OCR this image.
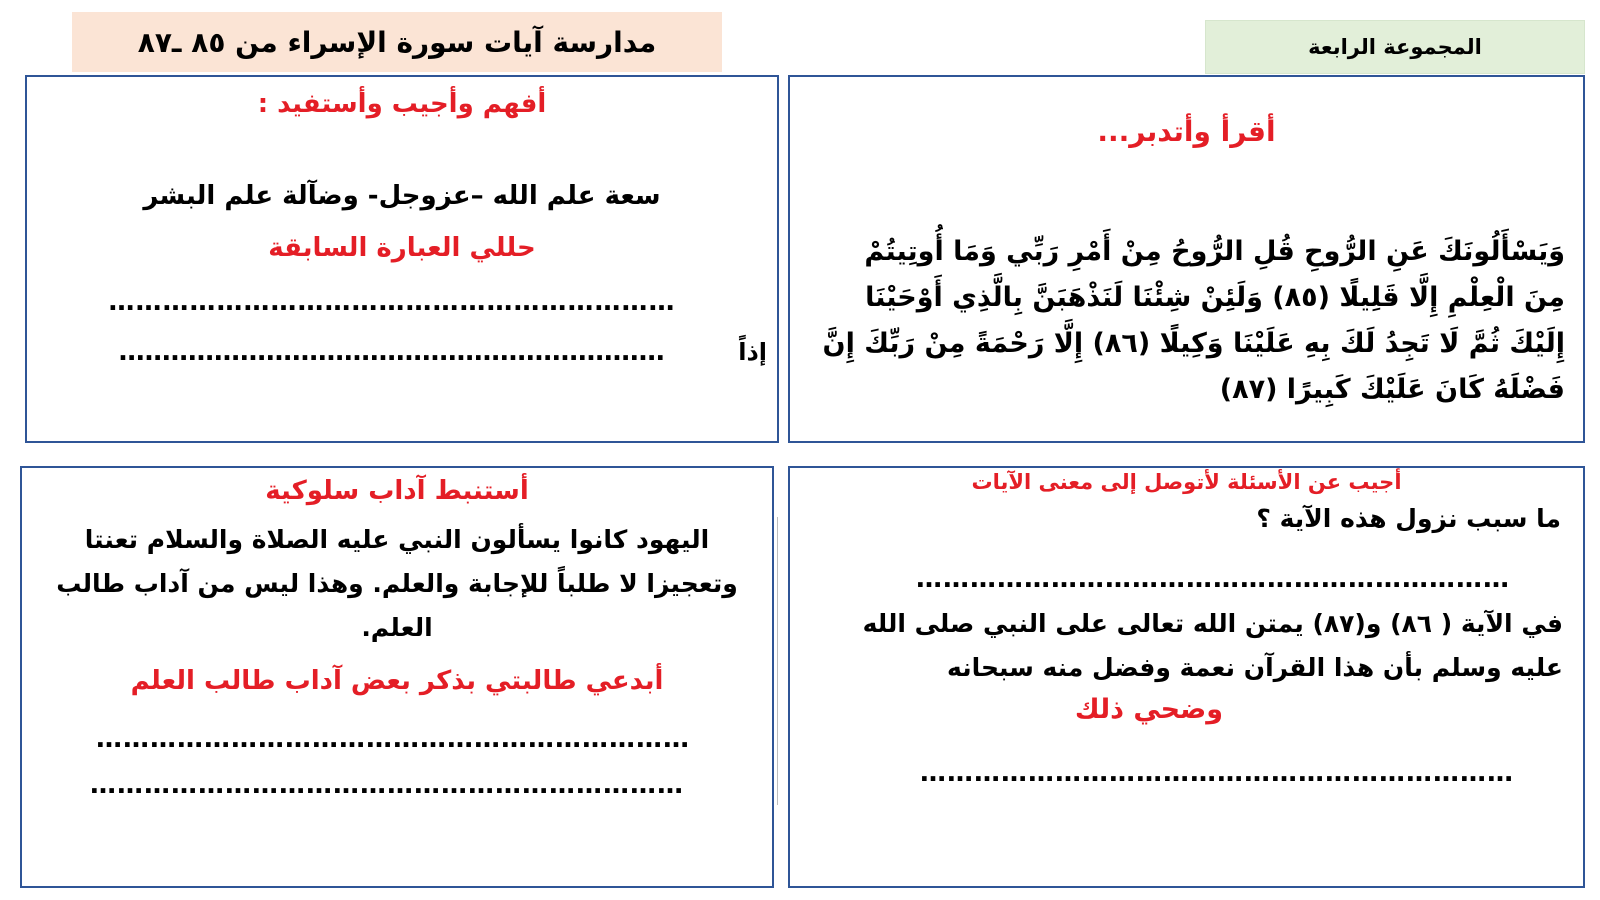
مدارسة آيات سورة الإسراء من ٨٥ ـ٨٧	المجموعة الرابعة
أقرأ وأتدبر...
وَيَسْأَلُونَكَ عَنِ الرُّوحِ قُلِ الرُّوحُ مِنْ أَمْرِ رَبِّي وَمَا أُوتِيتُمْ مِنَ الْعِلْمِ إِلَّا قَلِيلًا (٨٥) وَلَئِنْ شِئْنَا لَنَذْهَبَنَّ بِالَّذِي أَوْحَيْنَا إِلَيْكَ ثُمَّ لَا تَجِدُ لَكَ بِهِ عَلَيْنَا وَكِيلًا (٨٦) إِلَّا رَحْمَةً مِنْ رَبِّكَ إِنَّ فَضْلَهُ كَانَ عَلَيْكَ كَبِيرًا (٨٧)
أفهم وأجيب وأستفيد :
سعة علم الله –عزوجل- وضآلة علم البشر
حللي العبارة السابقة
………………………………………………………
إذاً
………………………………………………………
أجيب عن الأسئلة لأتوصل إلى معنى الآيات
ما سبب نزول هذه الآية ؟
…………………………………………………………
في الآية ( ٨٦) و(٨٧) يمتن الله تعالى على النبي صلى الله عليه وسلم بأن هذا القرآن نعمة وفضل منه سبحانه
وضحي ذلك
…………………………………………………………
أستنبط آداب سلوكية
اليهود كانوا يسألون النبي عليه الصلاة والسلام تعنتا وتعجيزا لا طلباً للإجابة والعلم. وهذا ليس من آداب طالب العلم.
أبدعي طالبتي بذكر بعض آداب طالب العلم
…………………………………………………………
…………………………………………………………
